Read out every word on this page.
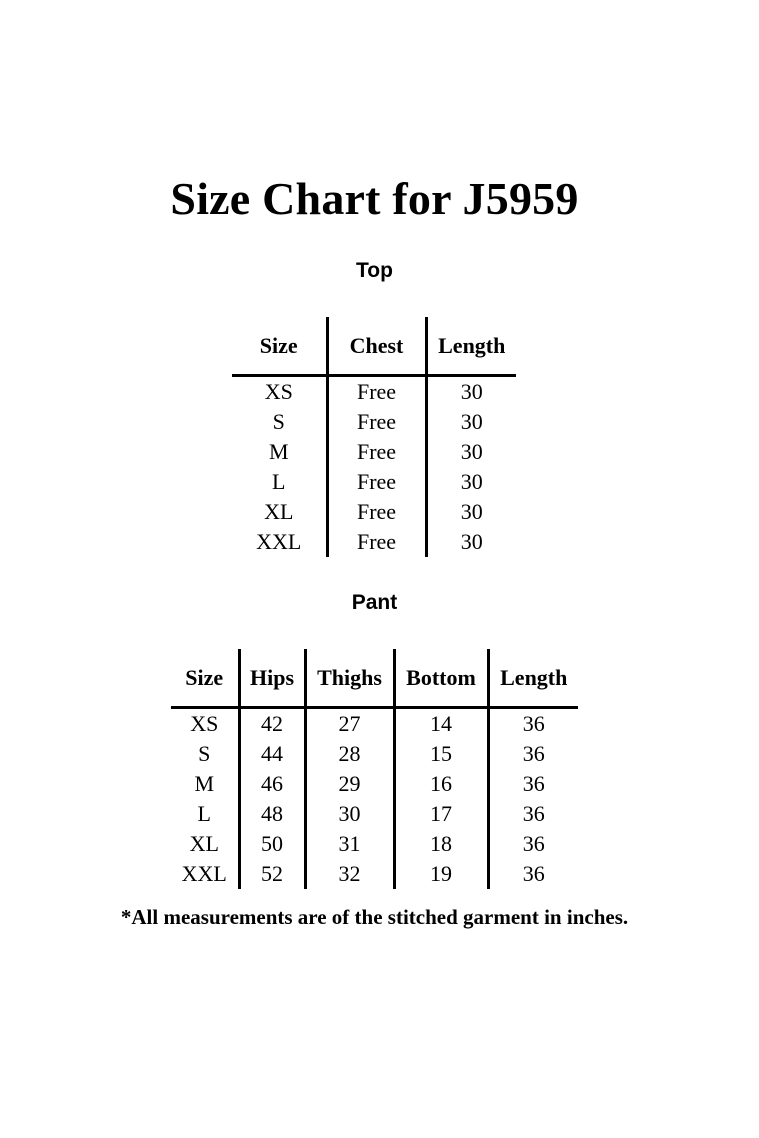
Size Chart for J5959
Top
Size	Chest	Length
XS	Free	30
S	Free	30
M	Free	30
L	Free	30
XL	Free	30
XXL	Free	30
Pant
Size	Hips	Thighs	Bottom	Length
XS	42	27	14	36
S	44	28	15	36
M	46	29	16	36
L	48	30	17	36
XL	50	31	18	36
XXL	52	32	19	36
*All measurements are of the stitched garment in inches.
